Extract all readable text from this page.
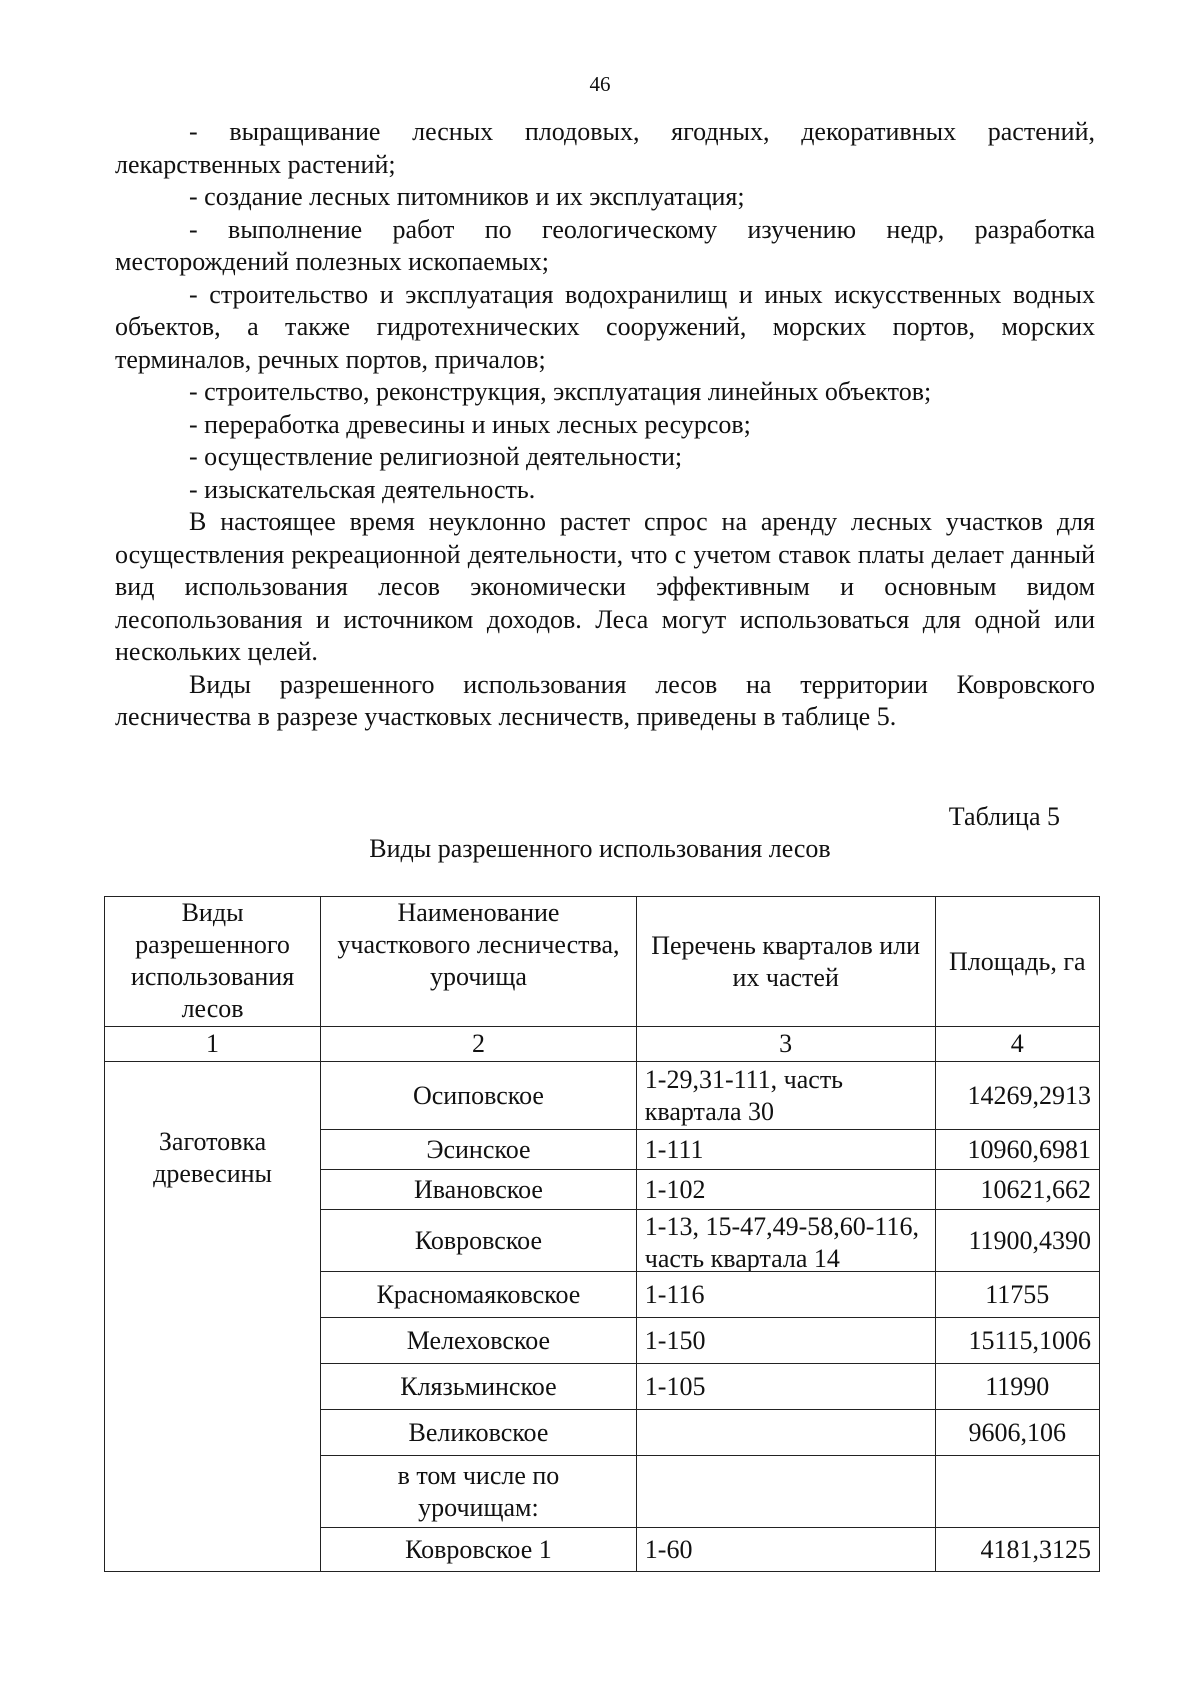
46

- выращивание лесных плодовых, ягодных, декоративных растений, лекарственных растений;

- создание лесных питомников и их эксплуатация;

- выполнение работ по геологическому изучению недр, разработка месторождений полезных ископаемых;

- строительство и эксплуатация водохранилищ и иных искусственных водных объектов, а также гидротехнических сооружений, морских портов, морских терминалов, речных портов, причалов;

- строительство, реконструкция, эксплуатация линейных объектов;

- переработка древесины и иных лесных ресурсов;

- осуществление религиозной деятельности;

- изыскательская деятельность.

В настоящее время неуклонно растет спрос на аренду лесных участков для осуществления рекреационной деятельности, что с учетом ставок платы делает данный вид использования лесов экономически эффективным и основным видом лесопользования и источником доходов. Леса могут использоваться для одной или нескольких целей.

Виды разрешенного использования лесов на территории Ковровского лесничества в разрезе участковых лесничеств, приведены в таблице 5.

Таблица 5
Виды разрешенного использования лесов
Виды разрешенного использования лесов	Наименование участкового лесничества, урочища	Перечень кварталов или их частей	Площадь, га
1	2	3	4
Заготовка древесины	Осиповское	1-29,31-111, часть квартала 30	14269,2913
	Эсинское	1-111	10960,6981
	Ивановское	1-102	10621,662
	Ковровское	1-13, 15-47,49-58,60-116, часть квартала 14	11900,4390
	Красномаяковское	1-116	11755
	Мелеховское	1-150	15115,1006
	Клязьминское	1-105	11990
	Великовское		9606,106
	в том числе по урочищам:		
	Ковровское 1	1-60	4181,3125
